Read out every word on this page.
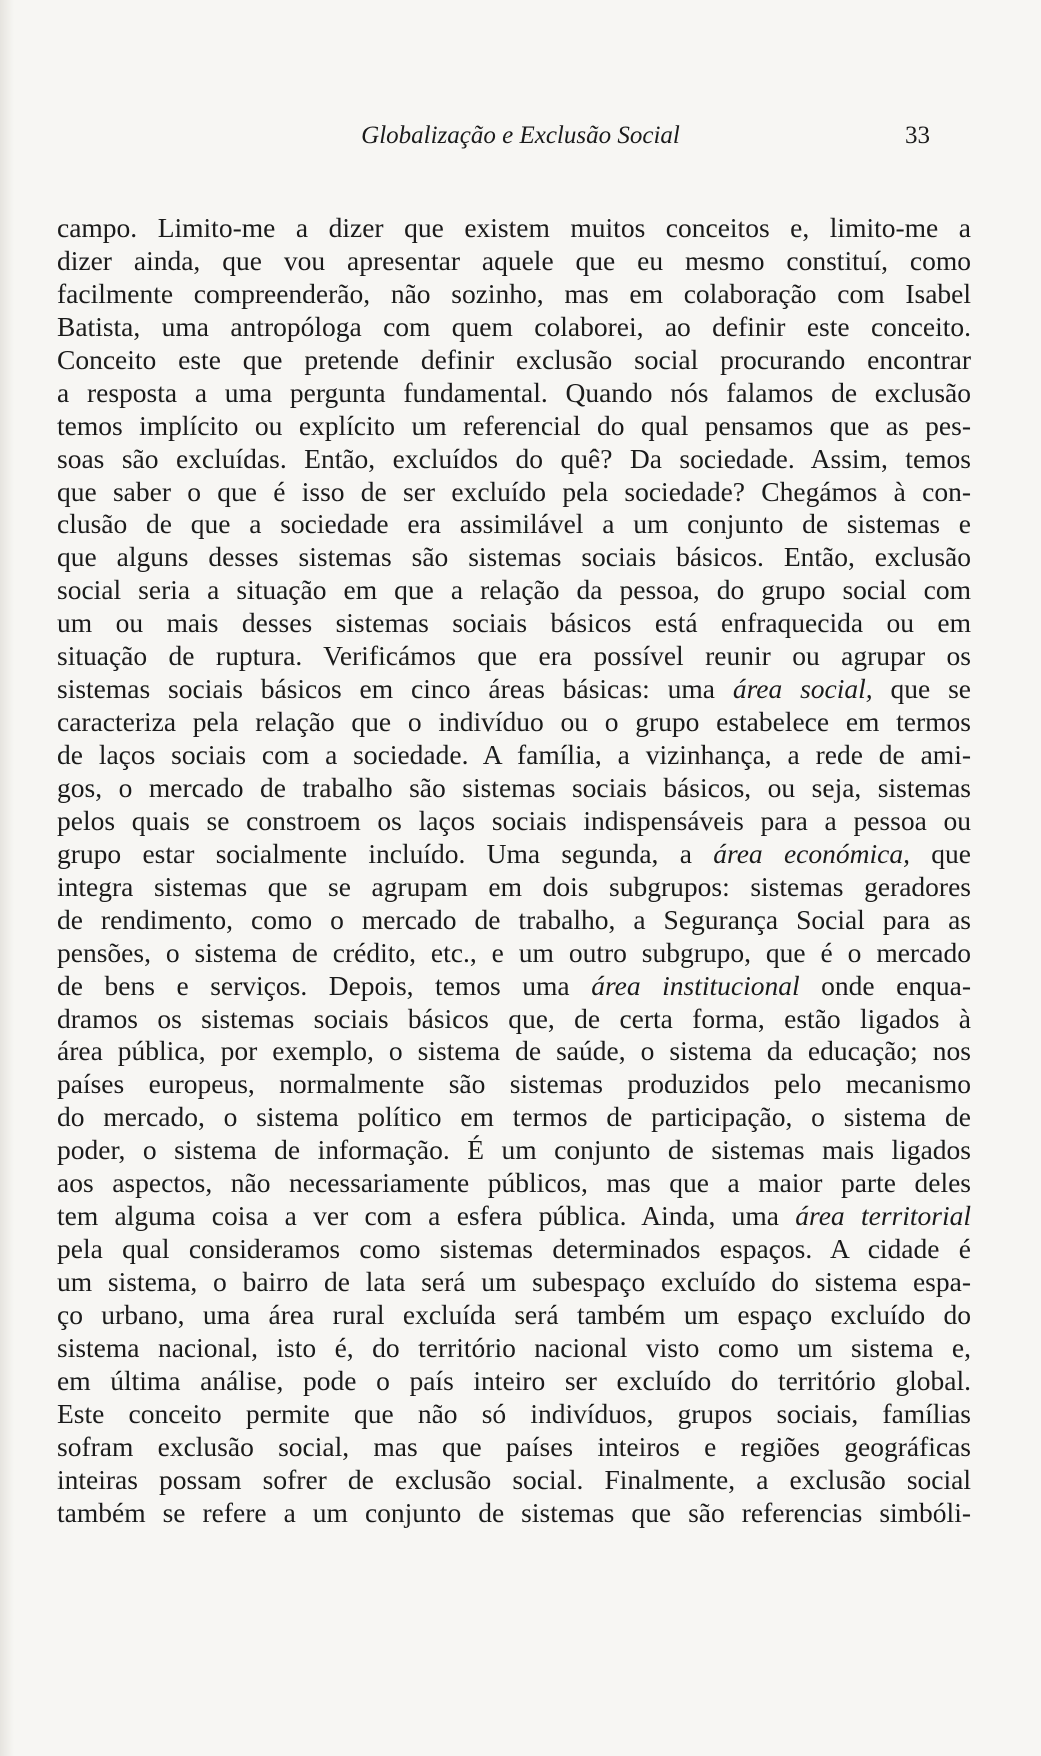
Globalização e Exclusão Social	33
campo. Limito-me a dizer que existem muitos conceitos e, limito-me a
dizer ainda, que vou apresentar aquele que eu mesmo constituí, como
facilmente compreenderão, não sozinho, mas em colaboração com Isabel
Batista, uma antropóloga com quem colaborei, ao definir este conceito.
Conceito este que pretende definir exclusão social procurando encontrar
a resposta a uma pergunta fundamental. Quando nós falamos de exclusão
temos implícito ou explícito um referencial do qual pensamos que as pes-
soas são excluídas. Então, excluídos do quê? Da sociedade. Assim, temos
que saber o que é isso de ser excluído pela sociedade? Chegámos à con-
clusão de que a sociedade era assimilável a um conjunto de sistemas e
que alguns desses sistemas são sistemas sociais básicos. Então, exclusão
social seria a situação em que a relação da pessoa, do grupo social com
um ou mais desses sistemas sociais básicos está enfraquecida ou em
situação de ruptura. Verificámos que era possível reunir ou agrupar os
sistemas sociais básicos em cinco áreas básicas: uma área social, que se
caracteriza pela relação que o indivíduo ou o grupo estabelece em termos
de laços sociais com a sociedade. A família, a vizinhança, a rede de ami-
gos, o mercado de trabalho são sistemas sociais básicos, ou seja, sistemas
pelos quais se constroem os laços sociais indispensáveis para a pessoa ou
grupo estar socialmente incluído. Uma segunda, a área económica, que
integra sistemas que se agrupam em dois subgrupos: sistemas geradores
de rendimento, como o mercado de trabalho, a Segurança Social para as
pensões, o sistema de crédito, etc., e um outro subgrupo, que é o mercado
de bens e serviços. Depois, temos uma área institucional onde enqua-
dramos os sistemas sociais básicos que, de certa forma, estão ligados à
área pública, por exemplo, o sistema de saúde, o sistema da educação; nos
países europeus, normalmente são sistemas produzidos pelo mecanismo
do mercado, o sistema político em termos de participação, o sistema de
poder, o sistema de informação. É um conjunto de sistemas mais ligados
aos aspectos, não necessariamente públicos, mas que a maior parte deles
tem alguma coisa a ver com a esfera pública. Ainda, uma área territorial
pela qual consideramos como sistemas determinados espaços. A cidade é
um sistema, o bairro de lata será um subespaço excluído do sistema espa-
ço urbano, uma área rural excluída será também um espaço excluído do
sistema nacional, isto é, do território nacional visto como um sistema e,
em última análise, pode o país inteiro ser excluído do território global.
Este conceito permite que não só indivíduos, grupos sociais, famílias
sofram exclusão social, mas que países inteiros e regiões geográficas
inteiras possam sofrer de exclusão social. Finalmente, a exclusão social
também se refere a um conjunto de sistemas que são referencias simbóli-
